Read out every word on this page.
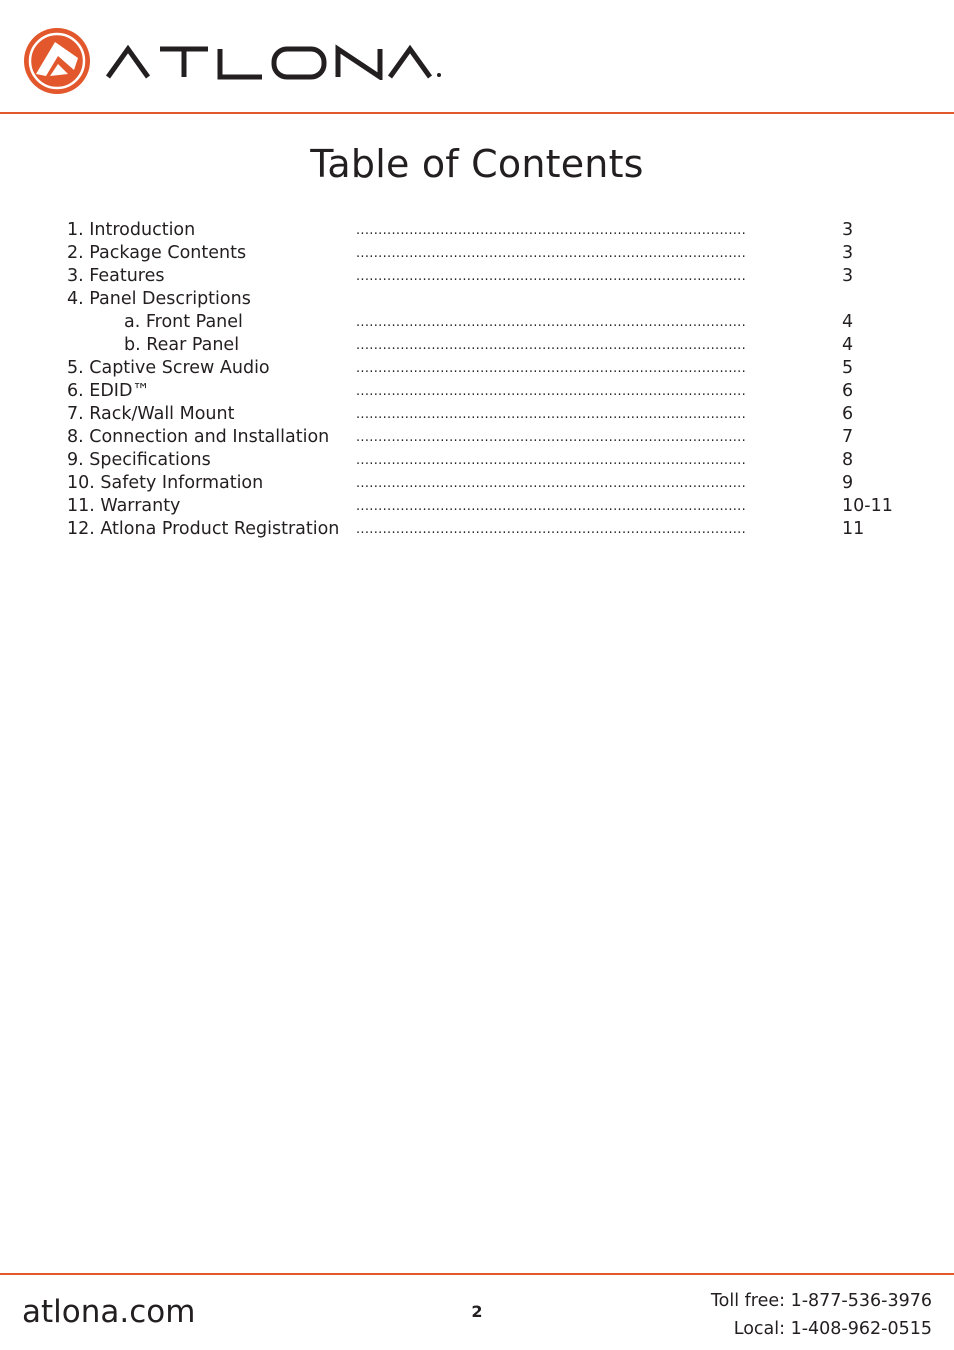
Table of Contents
1. Introduction	........................................................................................	3
2. Package Contents	........................................................................................	3
3. Features	........................................................................................	3
4. Panel Descriptions
a. Front Panel	........................................................................................	4
b. Rear Panel	........................................................................................	4
5. Captive Screw Audio	........................................................................................	5
6. EDID™	........................................................................................	6
7. Rack/Wall Mount	........................................................................................	6
8. Connection and Installation ........................................................................................	7
9. Specifications	........................................................................................	8
10. Safety Information	........................................................................................	9
11. Warranty	........................................................................................	10-11
12. Atlona Product Registration ........................................................................................	11
atlona.com	2
Toll free: 1-877-536-3976
Local: 1-408-962-0515
